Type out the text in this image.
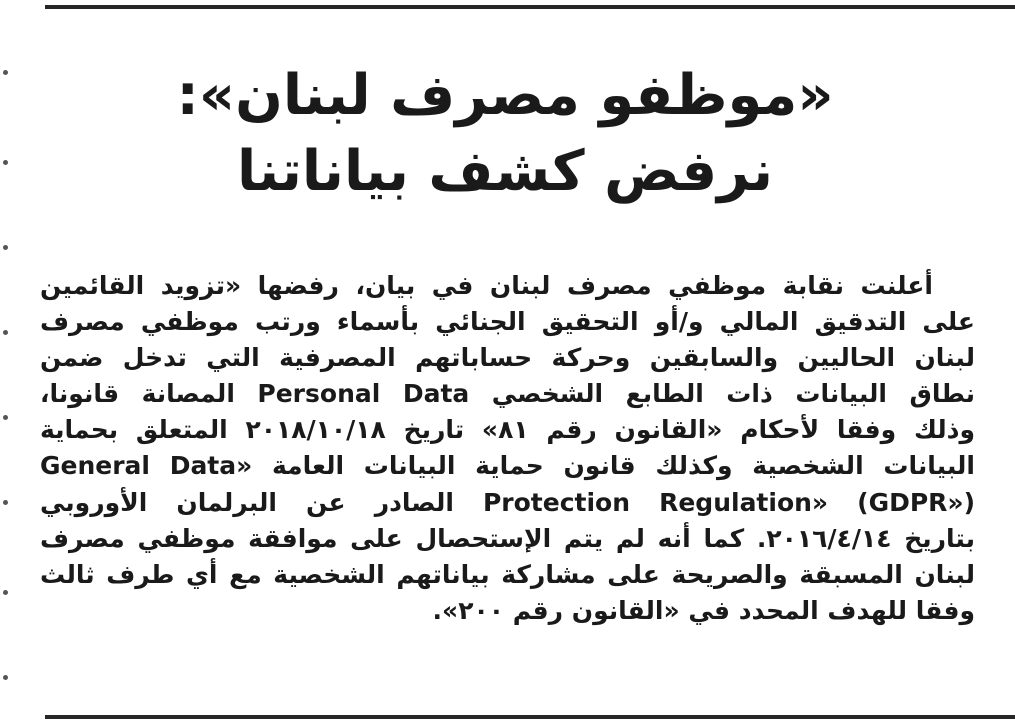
«موظفو مصرف لبنان»:
نرفض كشف بياناتنا
أعلنت نقابة موظفي مصرف لبنان في بيان، رفضها «تزويد القائمين
على التدقيق المالي و/أو التحقيق الجنائي بأسماء ورتب موظفي مصرف
لبنان الحاليين والسابقين وحركة حساباتهم المصرفية التي تدخل ضمن
نطاق البيانات ذات الطابع الشخصي Personal Data المصانة قانونا،
وذلك وفقا لأحكام «القانون رقم ٨١» تاريخ ٢٠١٨/١٠/١٨ المتعلق بحماية
البيانات الشخصية وكذلك قانون حماية البيانات العامة «General Data
Protection Regulation» (GDPR») الصادر عن البرلمان الأوروبي
بتاريخ ٢٠١٦/٤/١٤. كما أنه لم يتم الإستحصال على موافقة موظفي مصرف
لبنان المسبقة والصريحة على مشاركة بياناتهم الشخصية مع أي طرف ثالث
وفقا للهدف المحدد في «القانون رقم ٢٠٠».
